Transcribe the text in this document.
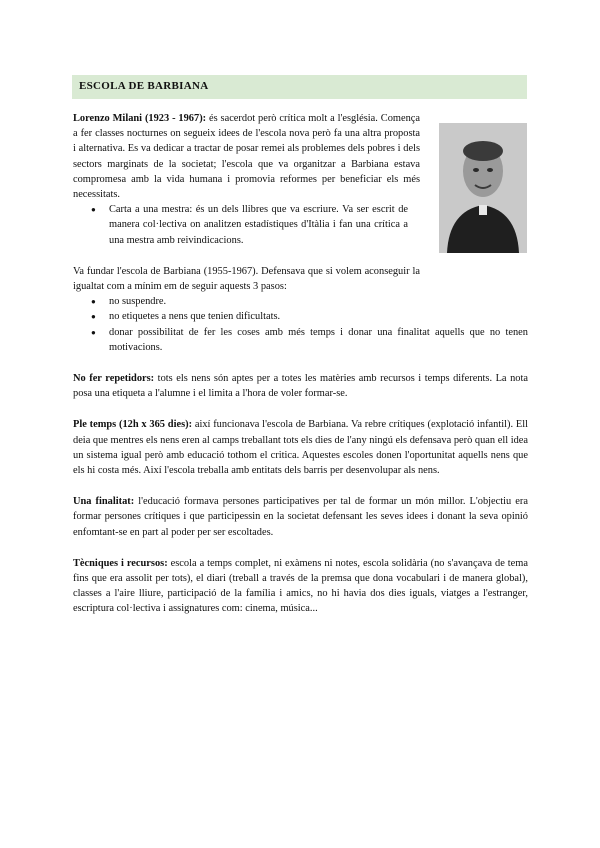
ESCOLA DE BARBIANA

Lorenzo Milani (1923 - 1967): és sacerdot però crítica molt a l'església. Comença a fer classes nocturnes on segueix idees de l'escola nova però fa una altra proposta i alternativa. Es va dedicar a tractar de posar remei als problemes dels pobres i dels sectors marginats de la societat; l'escola que va organitzar a Barbiana estava compromesa amb la vida humana i promovia reformes per beneficiar els més necessitats.

● Carta a una mestra: és un dels llibres que va escriure. Va ser escrit de manera col·lectiva on analitzen estadístiques d'Itàlia i fan una crítica a una mestra amb reivindicacions.

Va fundar l'escola de Barbiana (1955-1967). Defensava que si volem aconseguir la igualtat com a mínim em de seguir aquests 3 pasos:

● no suspendre.
● no etiquetes a nens que tenien dificultats.
● donar possibilitat de fer les coses amb més temps i donar una finalitat aquells que no tenen motivacions.

No fer repetidors: tots els nens són aptes per a totes les matèries amb recursos i temps diferents. La nota posa una etiqueta a l'alumne i el limita a l'hora de voler formar-se.

Ple temps (12h x 365 dies): així funcionava l'escola de Barbiana. Va rebre crítiques (explotació infantil). Ell deia que mentres els nens eren al camps treballant tots els dies de l'any ningú els defensava però quan ell idea un sistema igual però amb educació tothom el critica. Aquestes escoles donen l'oportunitat aquells nens que els hi costa més. Així l'escola treballa amb entitats dels barris per desenvolupar als nens.

Una finalitat: l'educació formava persones participatives per tal de formar un món millor. L'objectiu era formar persones crítiques i que participessin en la societat defensant les seves idees i donant la seva opinió enfomtant-se en part al poder per ser escoltades.

Tècniques i recursos: escola a temps complet, ni exàmens ni notes, escola solidària (no s'avançava de tema fins que era assolit per tots), el diari (treball a través de la premsa que dona vocabulari i de manera global), classes a l'aire lliure, participació de la família i amics, no hi havia dos dies iguals, viatges a l'estranger, escriptura col·lectiva i assignatures com: cinema, música...
